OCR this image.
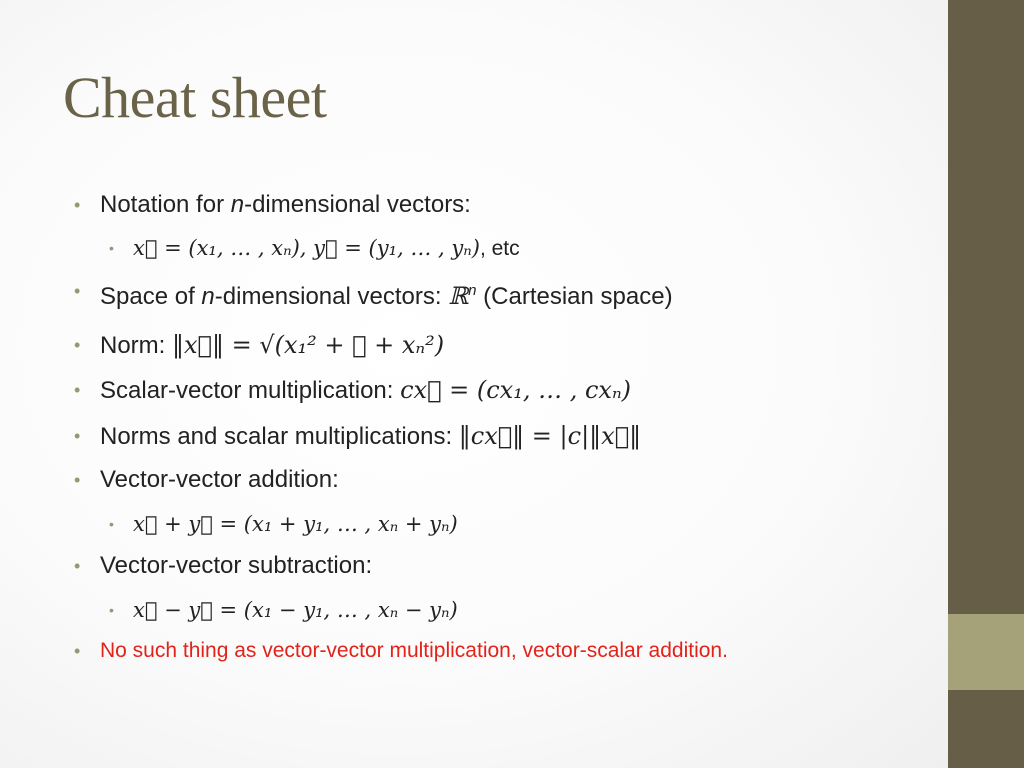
Cheat sheet
• Notation for n-dimensional vectors:
• x⃗ = (x₁, … , xₙ), y⃗ = (y₁, … , yₙ), etc
• Space of n-dimensional vectors: ℝ$^n$ (Cartesian space)
• Norm: ‖x⃗‖ = √(x₁² + ⋯ + xₙ²)
• Scalar-vector multiplication: cx⃗ = (cx₁, … , cxₙ)
• Norms and scalar multiplications: ‖cx⃗‖ = |c|‖x⃗‖
• Vector-vector addition:
• x⃗ + y⃗ = (x₁ + y₁, … , xₙ + yₙ)
• Vector-vector subtraction:
• x⃗ − y⃗ = (x₁ − y₁, … , xₙ − yₙ)
• No such thing as vector-vector multiplication, vector-scalar addition.
